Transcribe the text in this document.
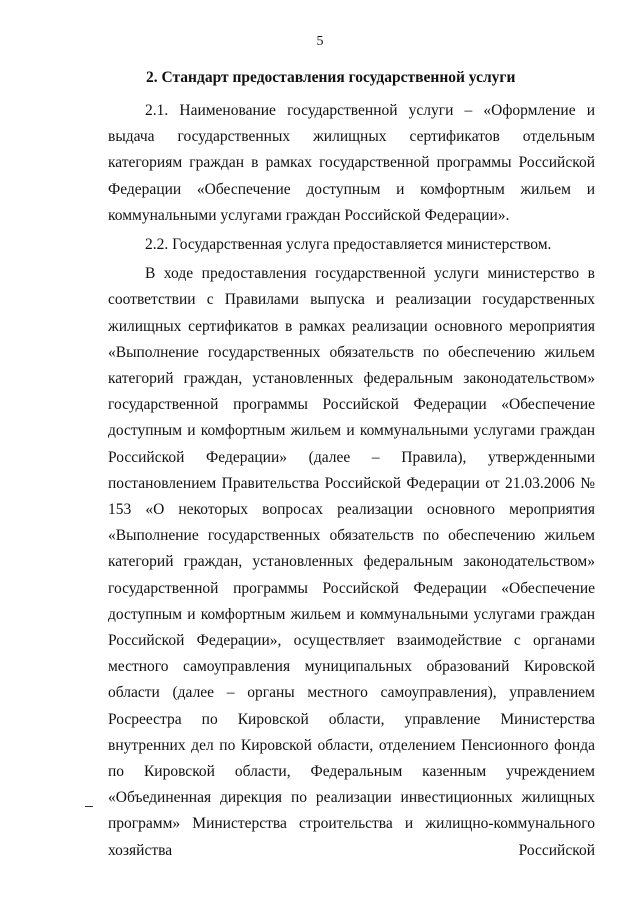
5
2. Стандарт предоставления государственной услуги

2.1. Наименование государственной услуги – «Оформление и выдача государственных жилищных сертификатов отдельным категориям граждан в рамках государственной программы Российской Федерации «Обеспечение доступным и комфортным жильем и коммунальными услугами граждан Российской Федерации».

2.2. Государственная услуга предоставляется министерством.

В ходе предоставления государственной услуги министерство в соответствии с Правилами выпуска и реализации государственных жилищных сертификатов в рамках реализации основного мероприятия «Выполнение государственных обязательств по обеспечению жильем категорий граждан, установленных федеральным законодательством» государственной программы Российской Федерации «Обеспечение доступным и комфортным жильем и коммунальными услугами граждан Российской Федерации» (далее – Правила), утвержденными постановлением Правительства Российской Федерации от 21.03.2006 № 153 «О некоторых вопросах реализации основного мероприятия «Выполнение государственных обязательств по обеспечению жильем категорий граждан, установленных федеральным законодательством» государственной программы Российской Федерации «Обеспечение доступным и комфортным жильем и коммунальными услугами граждан Российской Федерации», осуществляет взаимодействие с органами местного самоуправления муниципальных образований Кировской области (далее – органы местного самоуправления), управлением Росреестра по Кировской области, управление Министерства внутренних дел по Кировской области, отделением Пенсионного фонда по Кировской области, Федеральным казенным учреждением «Объединенная дирекция по реализации инвестиционных жилищных программ» Министерства строительства и жилищно-коммунального хозяйства Российской
